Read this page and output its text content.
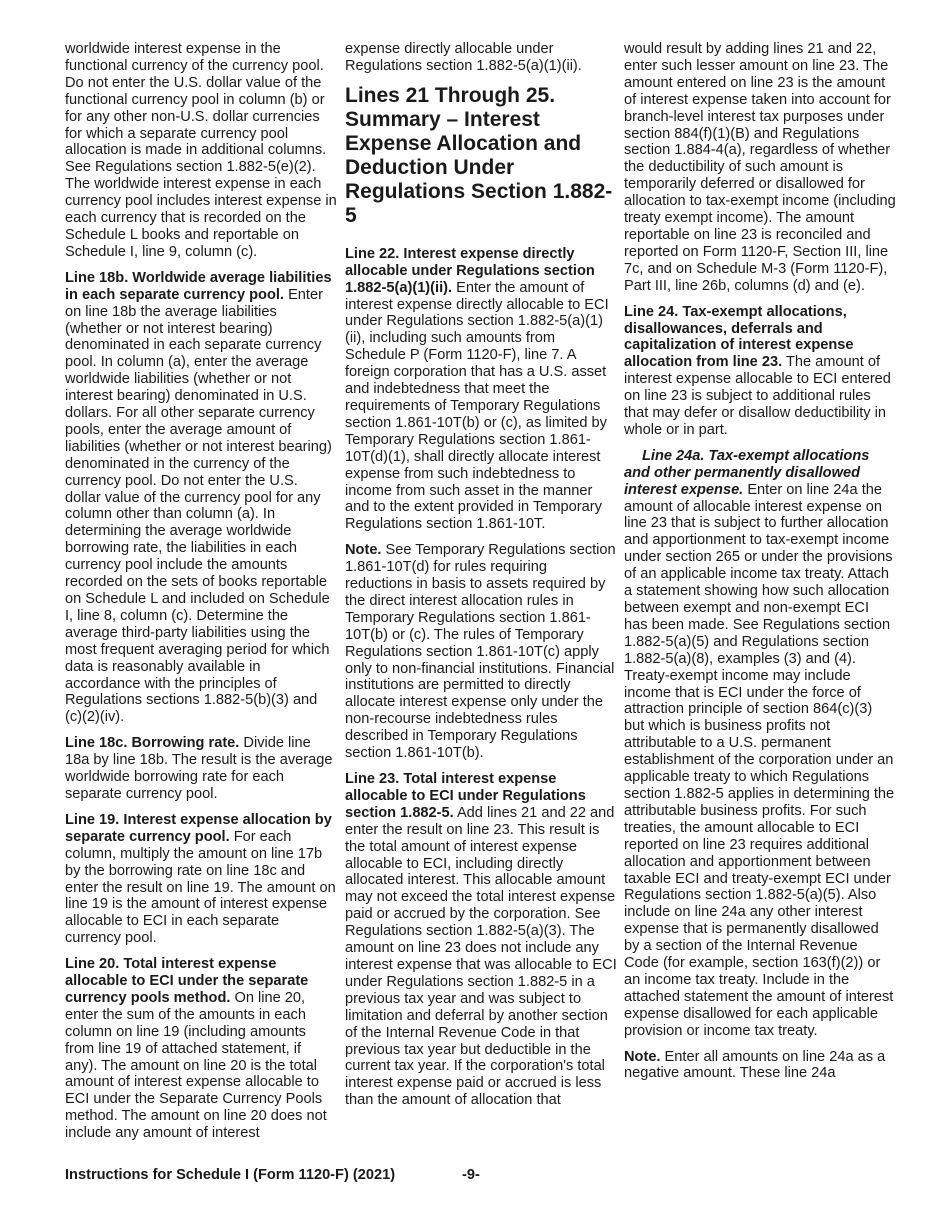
worldwide interest expense in the functional currency of the currency pool. Do not enter the U.S. dollar value of the functional currency pool in column (b) or for any other non-U.S. dollar currencies for which a separate currency pool allocation is made in additional columns. See Regulations section 1.882-5(e)(2). The worldwide interest expense in each currency pool includes interest expense in each currency that is recorded on the Schedule L books and reportable on Schedule I, line 9, column (c).

Line 18b. Worldwide average liabilities in each separate currency pool. Enter on line 18b the average liabilities (whether or not interest bearing) denominated in each separate currency pool. In column (a), enter the average worldwide liabilities (whether or not interest bearing) denominated in U.S. dollars. For all other separate currency pools, enter the average amount of liabilities (whether or not interest bearing) denominated in the currency of the currency pool. Do not enter the U.S. dollar value of the currency pool for any column other than column (a). In determining the average worldwide borrowing rate, the liabilities in each currency pool include the amounts recorded on the sets of books reportable on Schedule L and included on Schedule I, line 8, column (c). Determine the average third-party liabilities using the most frequent averaging period for which data is reasonably available in accordance with the principles of Regulations sections 1.882-5(b)(3) and (c)(2)(iv).

Line 18c. Borrowing rate. Divide line 18a by line 18b. The result is the average worldwide borrowing rate for each separate currency pool.

Line 19. Interest expense allocation by separate currency pool. For each column, multiply the amount on line 17b by the borrowing rate on line 18c and enter the result on line 19. The amount on line 19 is the amount of interest expense allocable to ECI in each separate currency pool.

Line 20. Total interest expense allocable to ECI under the separate currency pools method. On line 20, enter the sum of the amounts in each column on line 19 (including amounts from line 19 of attached statement, if any). The amount on line 20 is the total amount of interest expense allocable to ECI under the Separate Currency Pools method. The amount on line 20 does not include any amount of interest

expense directly allocable under Regulations section 1.882-5(a)(1)(ii).

Lines 21 Through 25. Summary – Interest Expense Allocation and Deduction Under Regulations Section 1.882-5

Line 22. Interest expense directly allocable under Regulations section 1.882-5(a)(1)(ii). Enter the amount of interest expense directly allocable to ECI under Regulations section 1.882-5(a)(1)(ii), including such amounts from Schedule P (Form 1120-F), line 7. A foreign corporation that has a U.S. asset and indebtedness that meet the requirements of Temporary Regulations section 1.861-10T(b) or (c), as limited by Temporary Regulations section 1.861-10T(d)(1), shall directly allocate interest expense from such indebtedness to income from such asset in the manner and to the extent provided in Temporary Regulations section 1.861-10T.

Note. See Temporary Regulations section 1.861-10T(d) for rules requiring reductions in basis to assets required by the direct interest allocation rules in Temporary Regulations section 1.861-10T(b) or (c). The rules of Temporary Regulations section 1.861-10T(c) apply only to non-financial institutions. Financial institutions are permitted to directly allocate interest expense only under the non-recourse indebtedness rules described in Temporary Regulations section 1.861-10T(b).

Line 23. Total interest expense allocable to ECI under Regulations section 1.882-5. Add lines 21 and 22 and enter the result on line 23. This result is the total amount of interest expense allocable to ECI, including directly allocated interest. This allocable amount may not exceed the total interest expense paid or accrued by the corporation. See Regulations section 1.882-5(a)(3). The amount on line 23 does not include any interest expense that was allocable to ECI under Regulations section 1.882-5 in a previous tax year and was subject to limitation and deferral by another section of the Internal Revenue Code in that previous tax year but deductible in the current tax year. If the corporation's total interest expense paid or accrued is less than the amount of allocation that

would result by adding lines 21 and 22, enter such lesser amount on line 23. The amount entered on line 23 is the amount of interest expense taken into account for branch-level interest tax purposes under section 884(f)(1)(B) and Regulations section 1.884-4(a), regardless of whether the deductibility of such amount is temporarily deferred or disallowed for allocation to tax-exempt income (including treaty exempt income). The amount reportable on line 23 is reconciled and reported on Form 1120-F, Section III, line 7c, and on Schedule M-3 (Form 1120-F), Part III, line 26b, columns (d) and (e).

Line 24. Tax-exempt allocations, disallowances, deferrals and capitalization of interest expense allocation from line 23. The amount of interest expense allocable to ECI entered on line 23 is subject to additional rules that may defer or disallow deductibility in whole or in part.

Line 24a. Tax-exempt allocations and other permanently disallowed interest expense. Enter on line 24a the amount of allocable interest expense on line 23 that is subject to further allocation and apportionment to tax-exempt income under section 265 or under the provisions of an applicable income tax treaty. Attach a statement showing how such allocation between exempt and non-exempt ECI has been made. See Regulations section 1.882-5(a)(5) and Regulations section 1.882-5(a)(8), examples (3) and (4). Treaty-exempt income may include income that is ECI under the force of attraction principle of section 864(c)(3) but which is business profits not attributable to a U.S. permanent establishment of the corporation under an applicable treaty to which Regulations section 1.882-5 applies in determining the attributable business profits. For such treaties, the amount allocable to ECI reported on line 23 requires additional allocation and apportionment between taxable ECI and treaty-exempt ECI under Regulations section 1.882-5(a)(5). Also include on line 24a any other interest expense that is permanently disallowed by a section of the Internal Revenue Code (for example, section 163(f)(2)) or an income tax treaty. Include in the attached statement the amount of interest expense disallowed for each applicable provision or income tax treaty.

Note. Enter all amounts on line 24a as a negative amount. These line 24a

Instructions for Schedule I (Form 1120-F) (2021)	-9-
